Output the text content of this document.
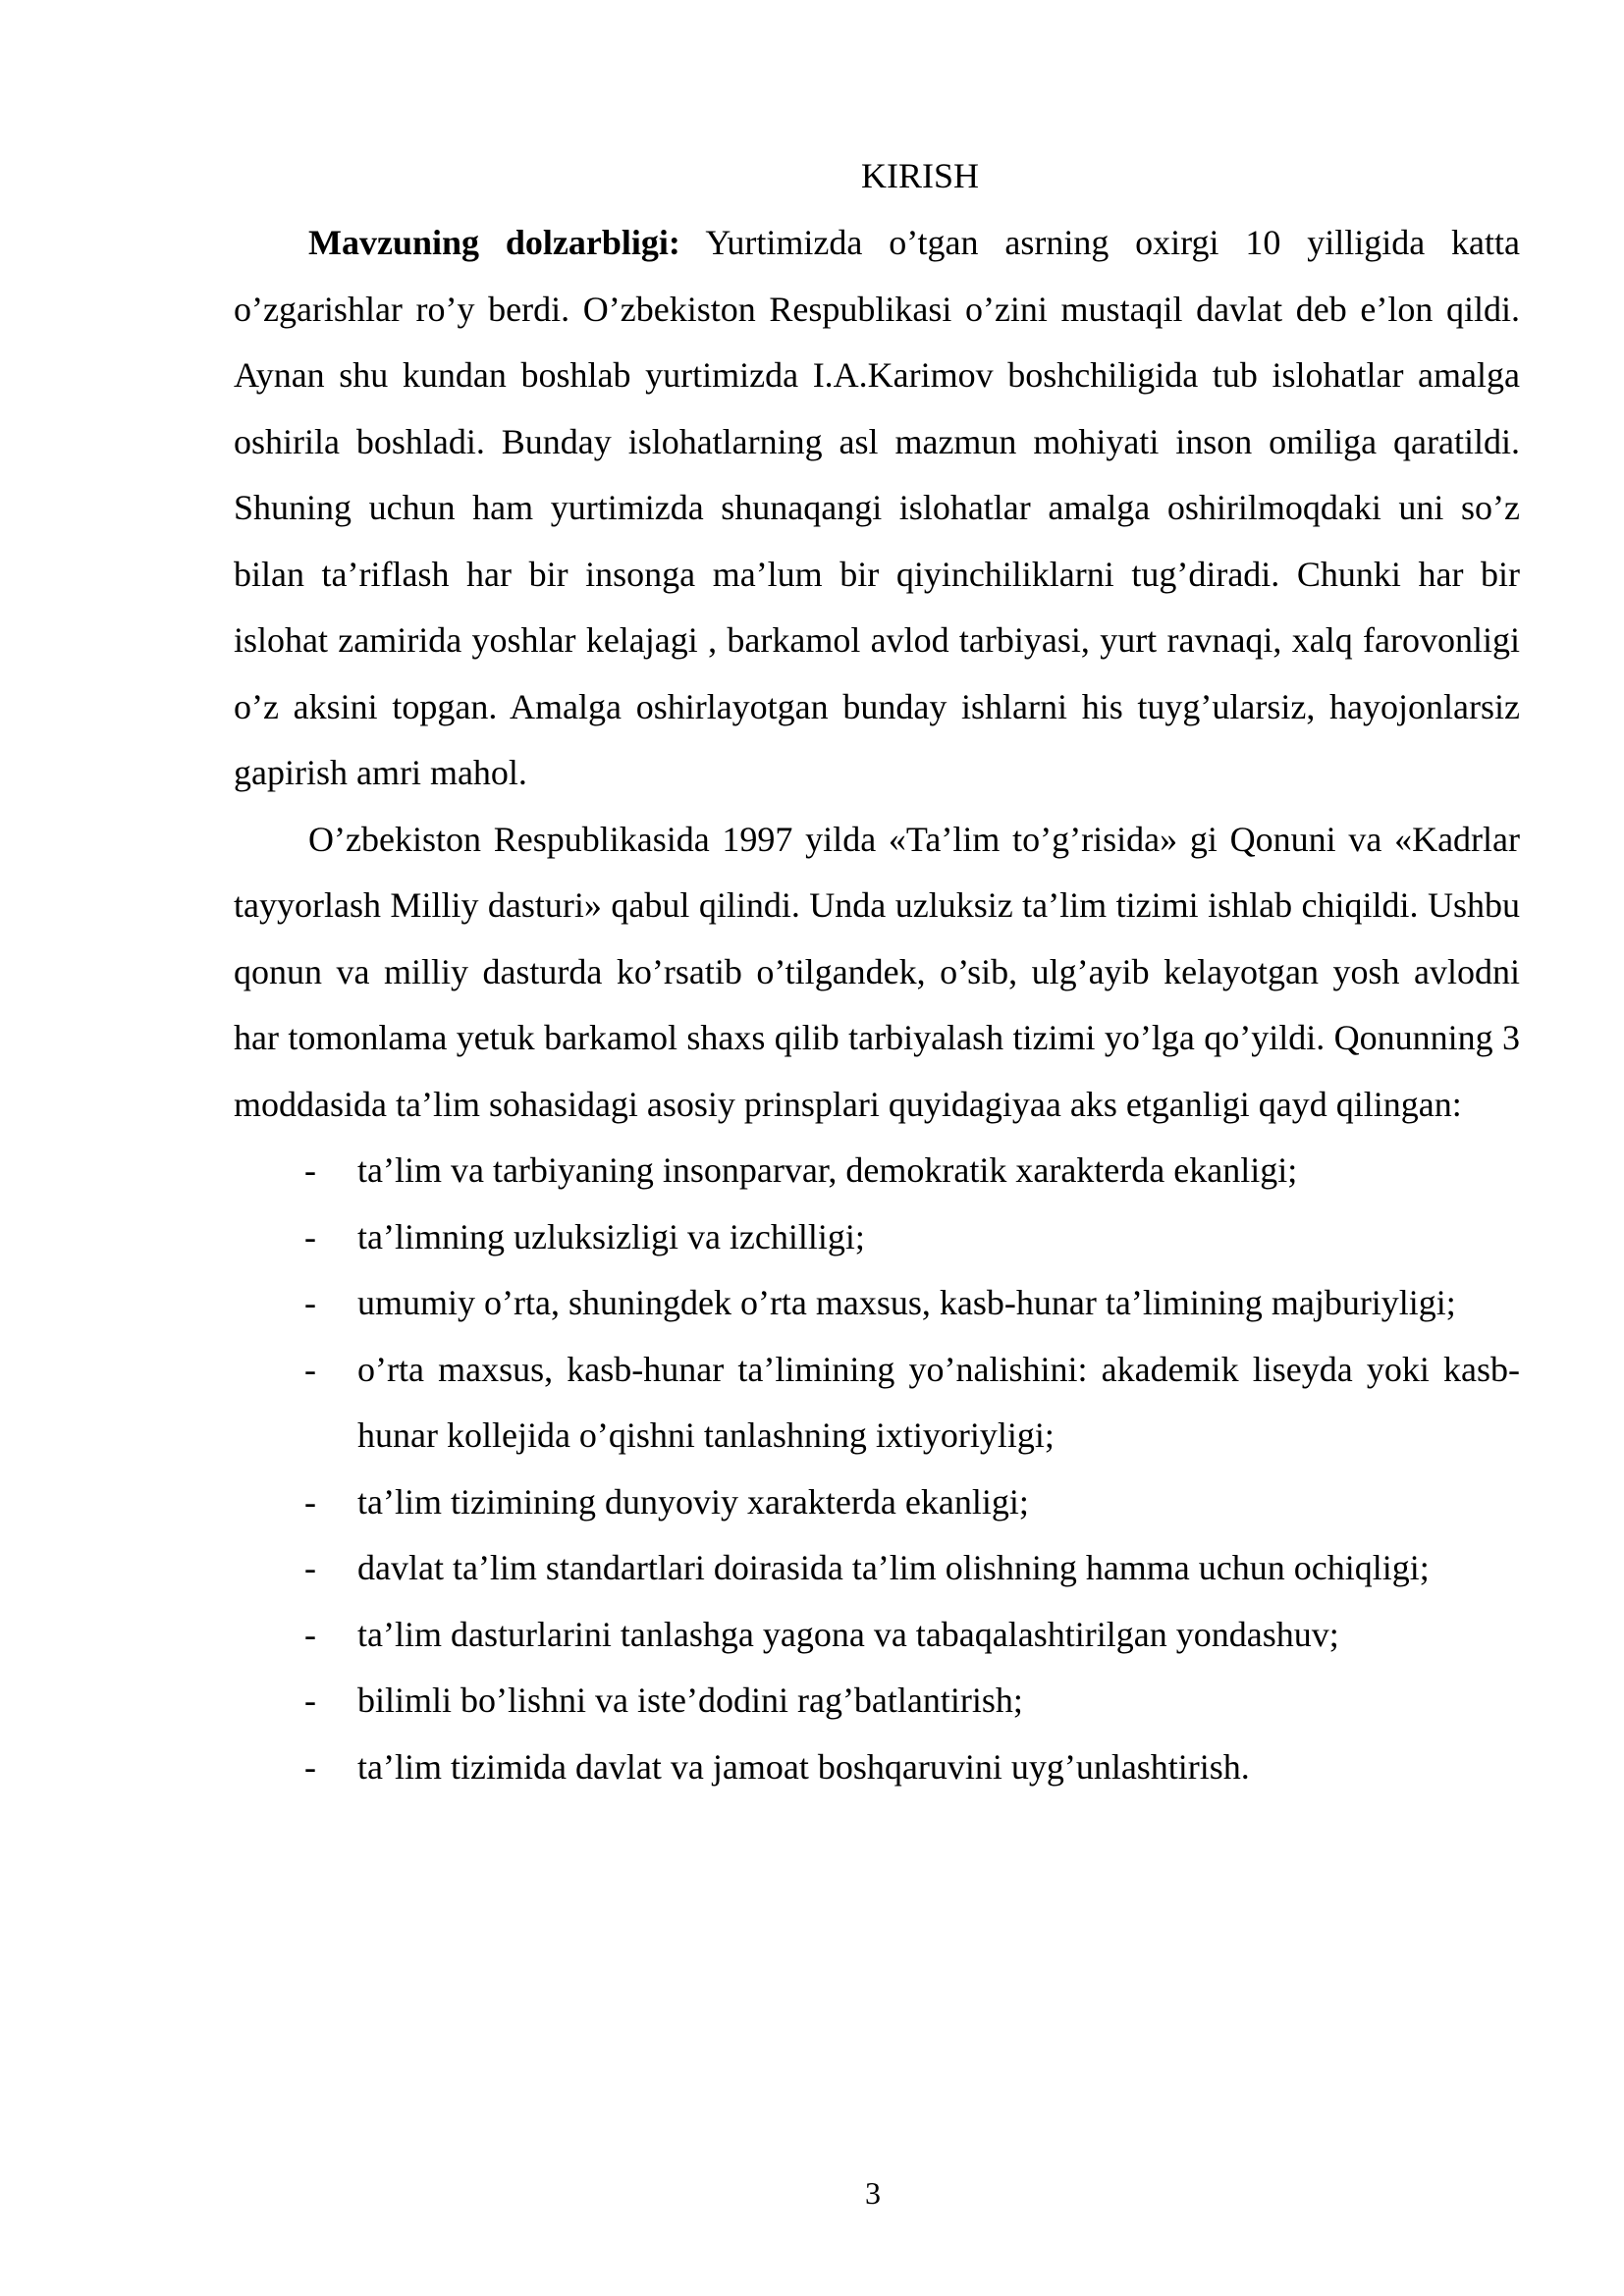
KIRISH

Mavzuning dolzarbligi: Yurtimizda o’tgan asrning oxirgi 10 yilligida katta o’zgarishlar ro’y berdi. O’zbekiston Respublikasi o’zini mustaqil davlat deb e’lon qildi. Aynan shu kundan boshlab yurtimizda I.A.Karimov boshchiligida tub islohatlar amalga oshirila boshladi. Bunday islohatlarning asl mazmun mohiyati inson omiliga qaratildi. Shuning uchun ham yurtimizda shunaqangi islohatlar amalga oshirilmoqdaki uni so’z bilan ta’riflash har bir insonga ma’lum bir qiyinchiliklarni tug’diradi. Chunki har bir islohat zamirida yoshlar kelajagi , barkamol avlod tarbiyasi, yurt ravnaqi, xalq farovonligi o’z aksini topgan. Amalga oshirlayotgan bunday ishlarni his tuyg’ularsiz, hayojonlarsiz gapirish amri mahol.

O’zbekiston Respublikasida 1997 yilda «Ta’lim to’g’risida» gi Qonuni va «Kadrlar tayyorlash Milliy dasturi» qabul qilindi. Unda uzluksiz ta’lim tizimi ishlab chiqildi. Ushbu qonun va milliy dasturda ko’rsatib o’tilgandek, o’sib, ulg’ayib kelayotgan yosh avlodni har tomonlama yetuk barkamol shaxs qilib tarbiyalash tizimi yo’lga qo’yildi. Qonunning 3 moddasida ta’lim sohasidagi asosiy prinsplari quyidagiyaa aks etganligi qayd qilingan:

- ta’lim va tarbiyaning insonparvar, demokratik xarakterda ekanligi;
- ta’limning uzluksizligi va izchilligi;
- umumiy o’rta, shuningdek o’rta maxsus, kasb-hunar ta’limining majburiyligi;
- o’rta maxsus, kasb-hunar ta’limining yo’nalishini: akademik liseyda yoki kasb-hunar kollejida o’qishni tanlashning ixtiyoriyligi;
- ta’lim tizimining dunyoviy xarakterda ekanligi;
- davlat ta’lim standartlari doirasida ta’lim olishning hamma uchun ochiqligi;
- ta’lim dasturlarini tanlashga yagona va tabaqalashtirilgan yondashuv;
- bilimli bo’lishni va iste’dodini rag’batlantirish;
- ta’lim tizimida davlat va jamoat boshqaruvini uyg’unlashtirish.
3
